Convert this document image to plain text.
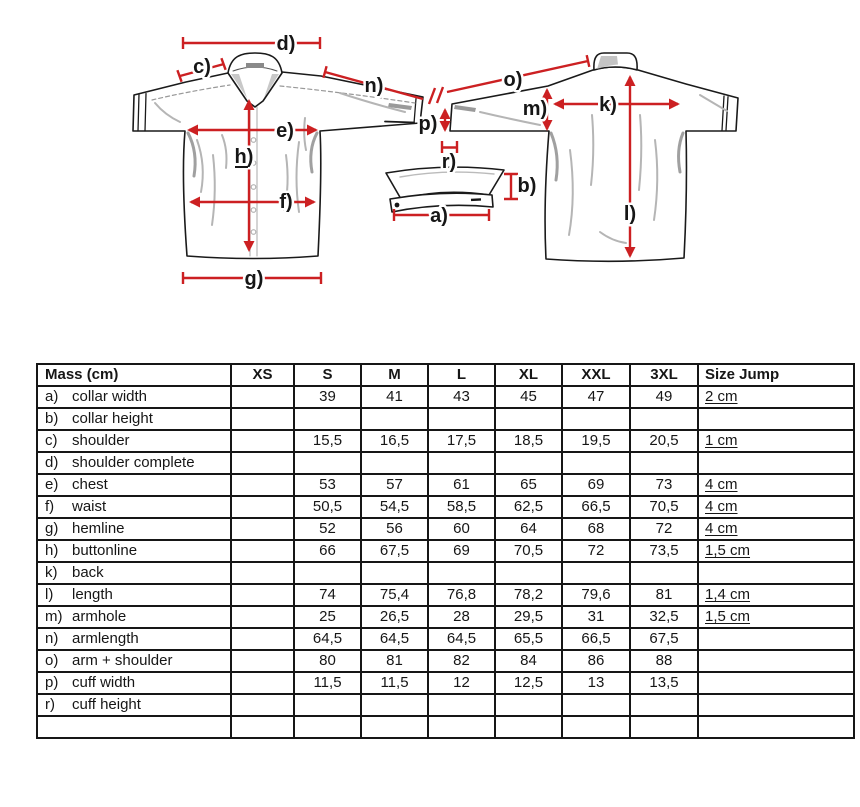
d)
c)
n)	o)
e)
h)
f)
g)
p)
r)
m)	k)
l)
a)
b)
Mass (cm)	XS	S	M	L	XL	XXL	3XL	Size Jump
a) collar width		39	41	43	45	47	49	2 cm
b) collar height								
c) shoulder		15,5	16,5	17,5	18,5	19,5	20,5	1 cm
d) shoulder complete								
e) chest		53	57	61	65	69	73	4 cm
f) waist		50,5	54,5	58,5	62,5	66,5	70,5	4 cm
g) hemline		52	56	60	64	68	72	4 cm
h) buttonline		66	67,5	69	70,5	72	73,5	1,5 cm
k) back								
l) length		74	75,4	76,8	78,2	79,6	81	1,4 cm
m) armhole		25	26,5	28	29,5	31	32,5	1,5 cm
n) armlength		64,5	64,5	64,5	65,5	66,5	67,5	
o) arm + shoulder		80	81	82	84	86	88	
p) cuff width		11,5	11,5	12	12,5	13	13,5	
r) cuff height								
